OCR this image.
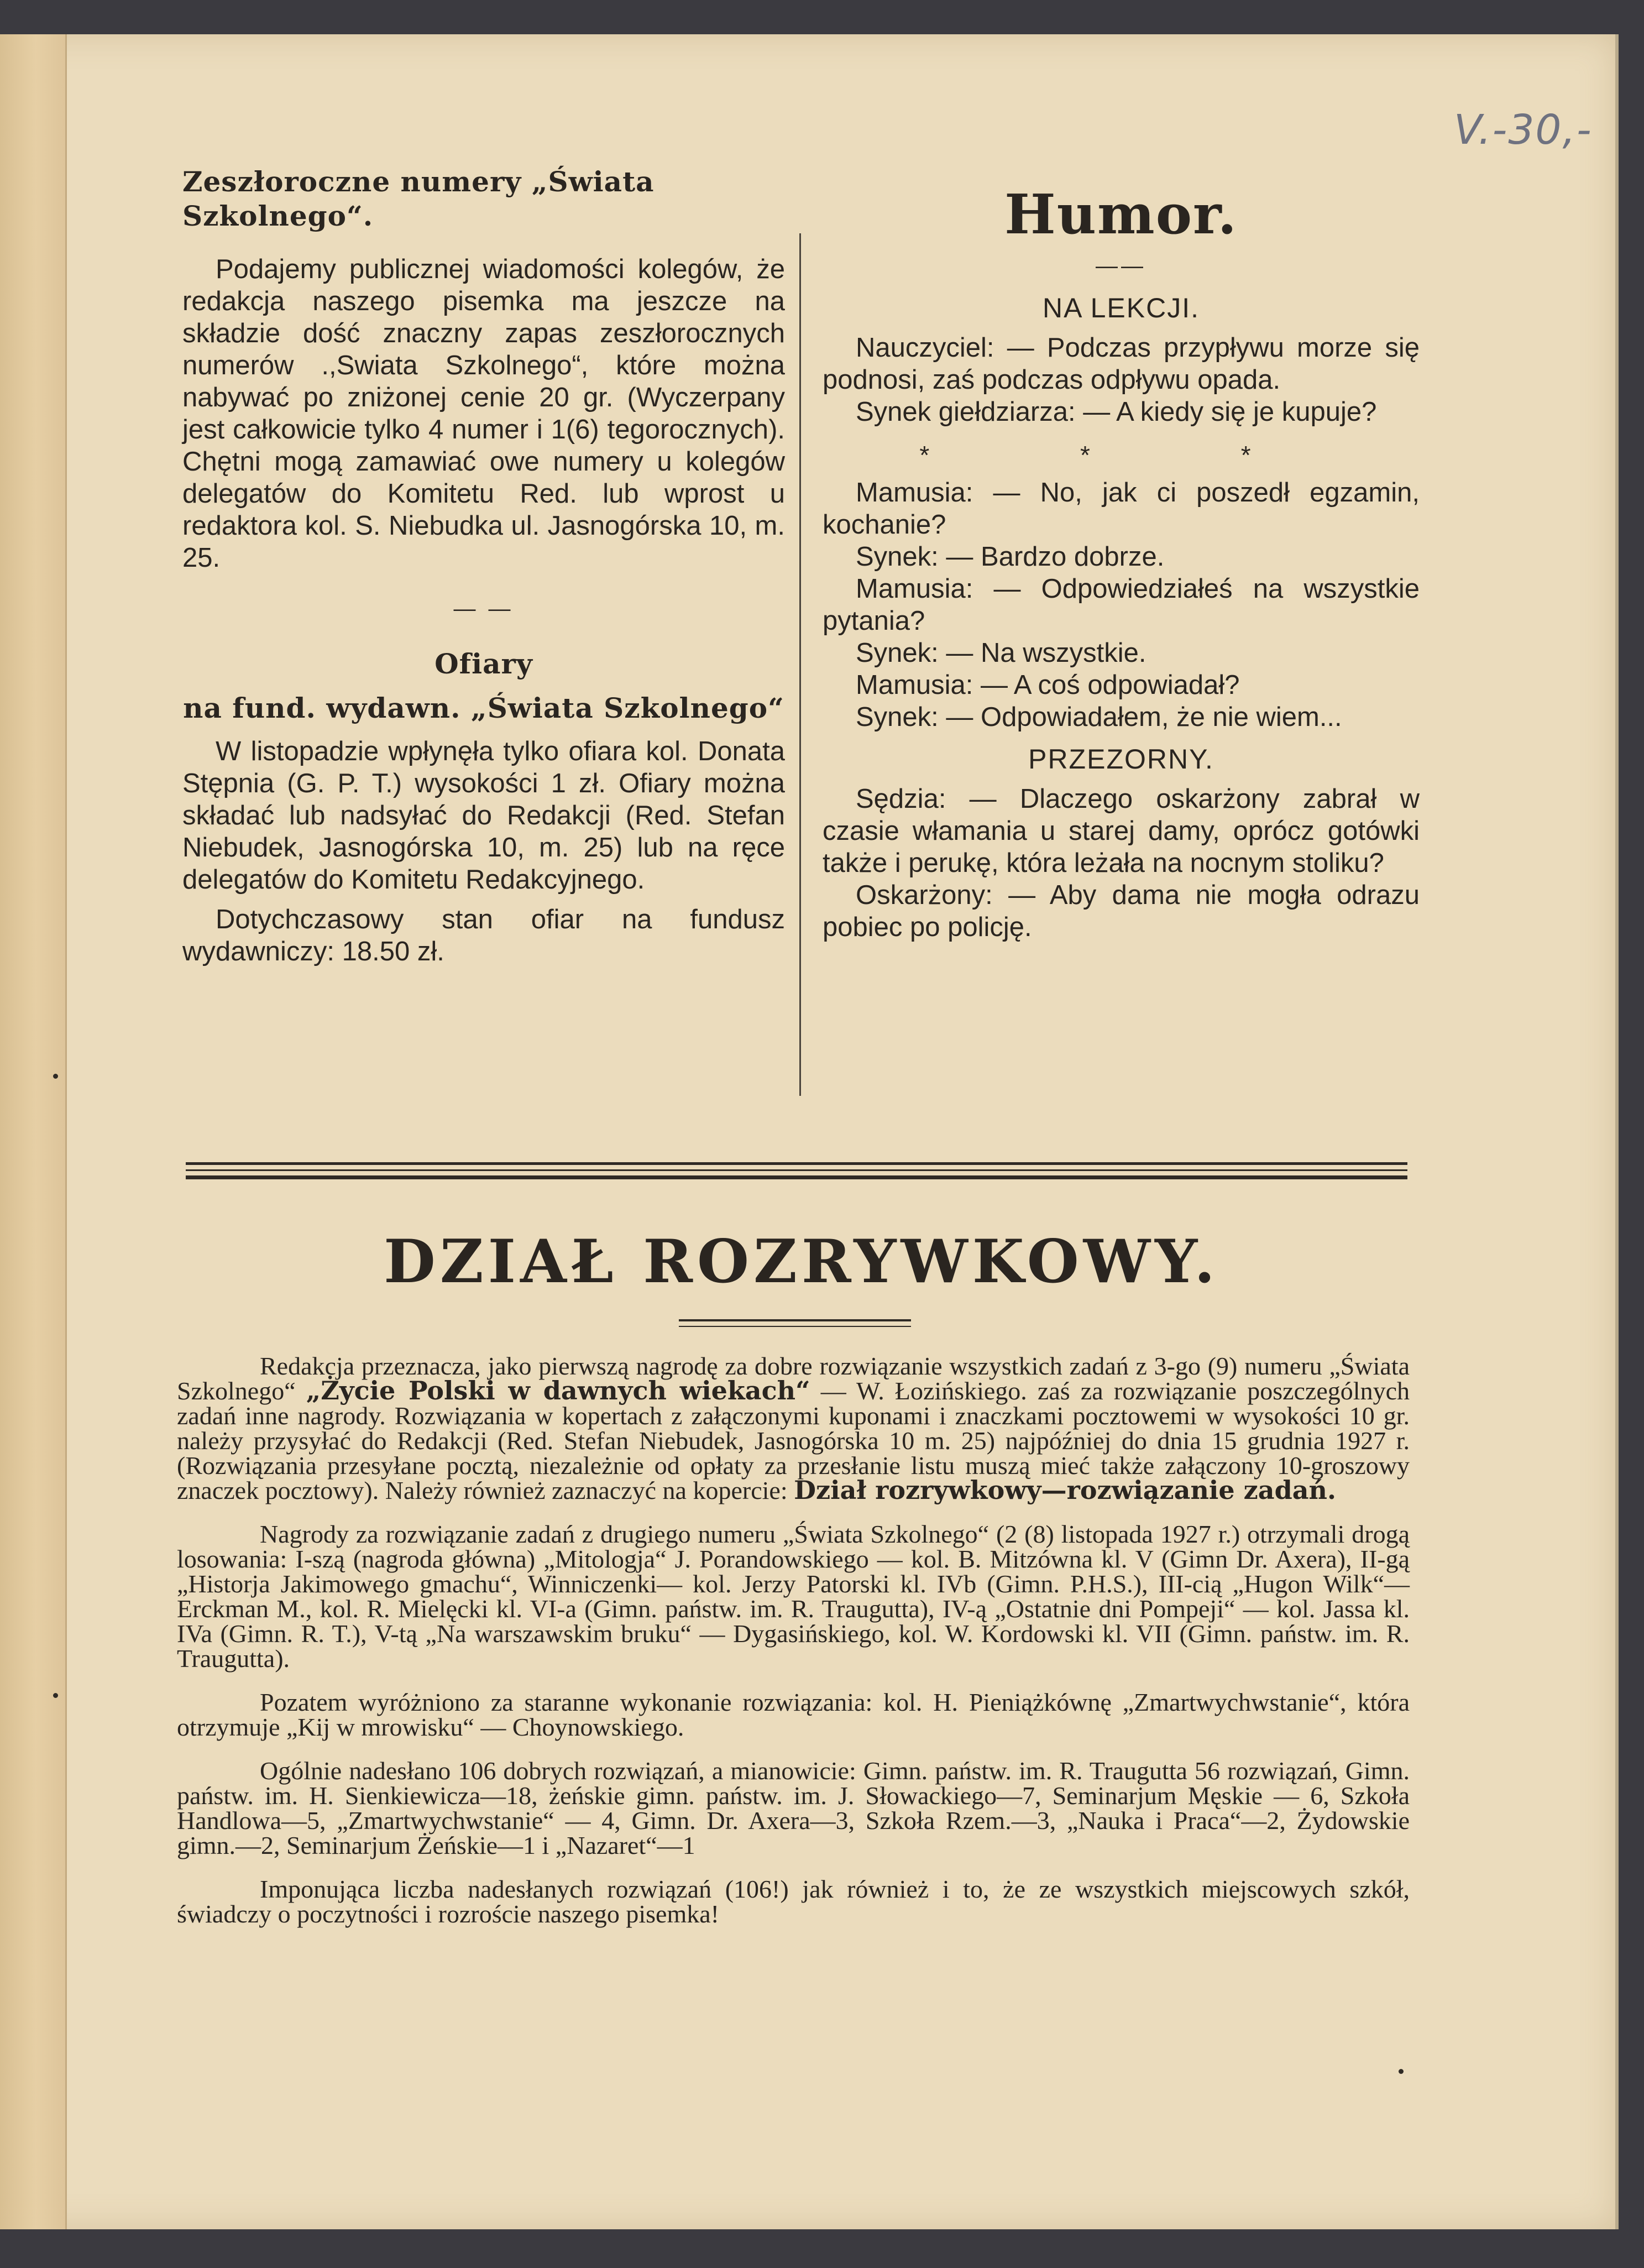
V.-30,-
Zeszłoroczne numery „Świata Szkolnego“.

Podajemy publicznej wiadomości kolegów, że redakcja naszego pisemka ma jeszcze na składzie dość znaczny zapas zeszłorocznych numerów .,Swiata Szkolnego“, które można nabywać po zniżonej cenie 20 gr. (Wyczerpany jest całkowicie tylko 4 numer i 1(6) tegorocznych). Chętni mogą zamawiać owe numery u kolegów delegatów do Komitetu Red. lub wprost u redaktora kol. S. Niebudka ul. Jasnogórska 10, m. 25.

— —
Ofiary
na fund. wydawn. „Świata Szkolnego“

W listopadzie wpłynęła tylko ofiara kol. Donata Stępnia (G. P. T.) wysokości 1 zł. Ofiary można składać lub nadsyłać do Redakcji (Red. Stefan Niebudek, Jasnogórska 10, m. 25) lub na ręce delegatów do Komitetu Redakcyjnego.

Dotychczasowy stan ofiar na fundusz wydawniczy: 18.50 zł.

Humor.
——
NA LEKCJI.

Nauczyciel: — Podczas przypływu morze się podnosi, zaś podczas odpływu opada.

Synek giełdziarza: — A kiedy się je kupuje?

* * *

Mamusia: — No, jak ci poszedł egzamin, kochanie?

Synek: — Bardzo dobrze.

Mamusia: — Odpowiedziałeś na wszystkie pytania?

Synek: — Na wszystkie.

Mamusia: — A coś odpowiadał?

Synek: — Odpowiadałem, że nie wiem...

PRZEZORNY.

Sędzia: — Dlaczego oskarżony zabrał w czasie włamania u starej damy, oprócz gotówki także i perukę, która leżała na nocnym stoliku?

Oskarżony: — Aby dama nie mogła odrazu pobiec po policję.

DZIAŁ ROZRYWKOWY.

Redakcja przeznacza, jako pierwszą nagrodę za dobre rozwiązanie wszystkich zadań z 3-go (9) numeru „Świata Szkolnego“ „Życie Polski w dawnych wiekach“ — W. Łozińskiego. zaś za rozwiązanie poszczególnych zadań inne nagrody. Rozwiązania w kopertach z załączonymi kuponami i znaczkami pocztowemi w wysokości 10 gr. należy przysyłać do Redakcji (Red. Stefan Niebudek, Jasnogórska 10 m. 25) najpóźniej do dnia 15 grudnia 1927 r. (Rozwiązania przesyłane pocztą, niezależnie od opłaty za przesłanie listu muszą mieć także załączony 10-groszowy znaczek pocztowy). Należy również zaznaczyć na kopercie: Dział rozrywkowy—rozwiązanie zadań.

Nagrody za rozwiązanie zadań z drugiego numeru „Świata Szkolnego“ (2 (8) listopada 1927 r.) otrzymali drogą losowania: I-szą (nagroda główna) „Mitologja“ J. Porandowskiego — kol. B. Mitzówna kl. V (Gimn Dr. Axera), II-gą „Historja Jakimowego gmachu“, Winniczenki— kol. Jerzy Patorski kl. IVb (Gimn. P.H.S.), III-cią „Hugon Wilk“—Erckman M., kol. R. Mielęcki kl. VI-a (Gimn. państw. im. R. Traugutta), IV-ą „Ostatnie dni Pompeji“ — kol. Jassa kl. IVa (Gimn. R. T.), V-tą „Na warszawskim bruku“ — Dygasińskiego, kol. W. Kordowski kl. VII (Gimn. państw. im. R. Traugutta).

Pozatem wyróżniono za staranne wykonanie rozwiązania: kol. H. Pieniążkównę „Zmartwychwstanie“, która otrzymuje „Kij w mrowisku“ — Choynowskiego.

Ogólnie nadesłano 106 dobrych rozwiązań, a mianowicie: Gimn. państw. im. R. Traugutta 56 rozwiązań, Gimn. państw. im. H. Sienkiewicza—18, żeńskie gimn. państw. im. J. Słowackiego—7, Seminarjum Męskie — 6, Szkoła Handlowa—5, „Zmartwychwstanie“ — 4, Gimn. Dr. Axera—3, Szkoła Rzem.—3, „Nauka i Praca“—2, Żydowskie gimn.—2, Seminarjum Żeńskie—1 i „Nazaret“—1

Imponująca liczba nadesłanych rozwiązań (106!) jak również i to, że ze wszystkich miejscowych szkół, świadczy o poczytności i rozroście naszego pisemka!
